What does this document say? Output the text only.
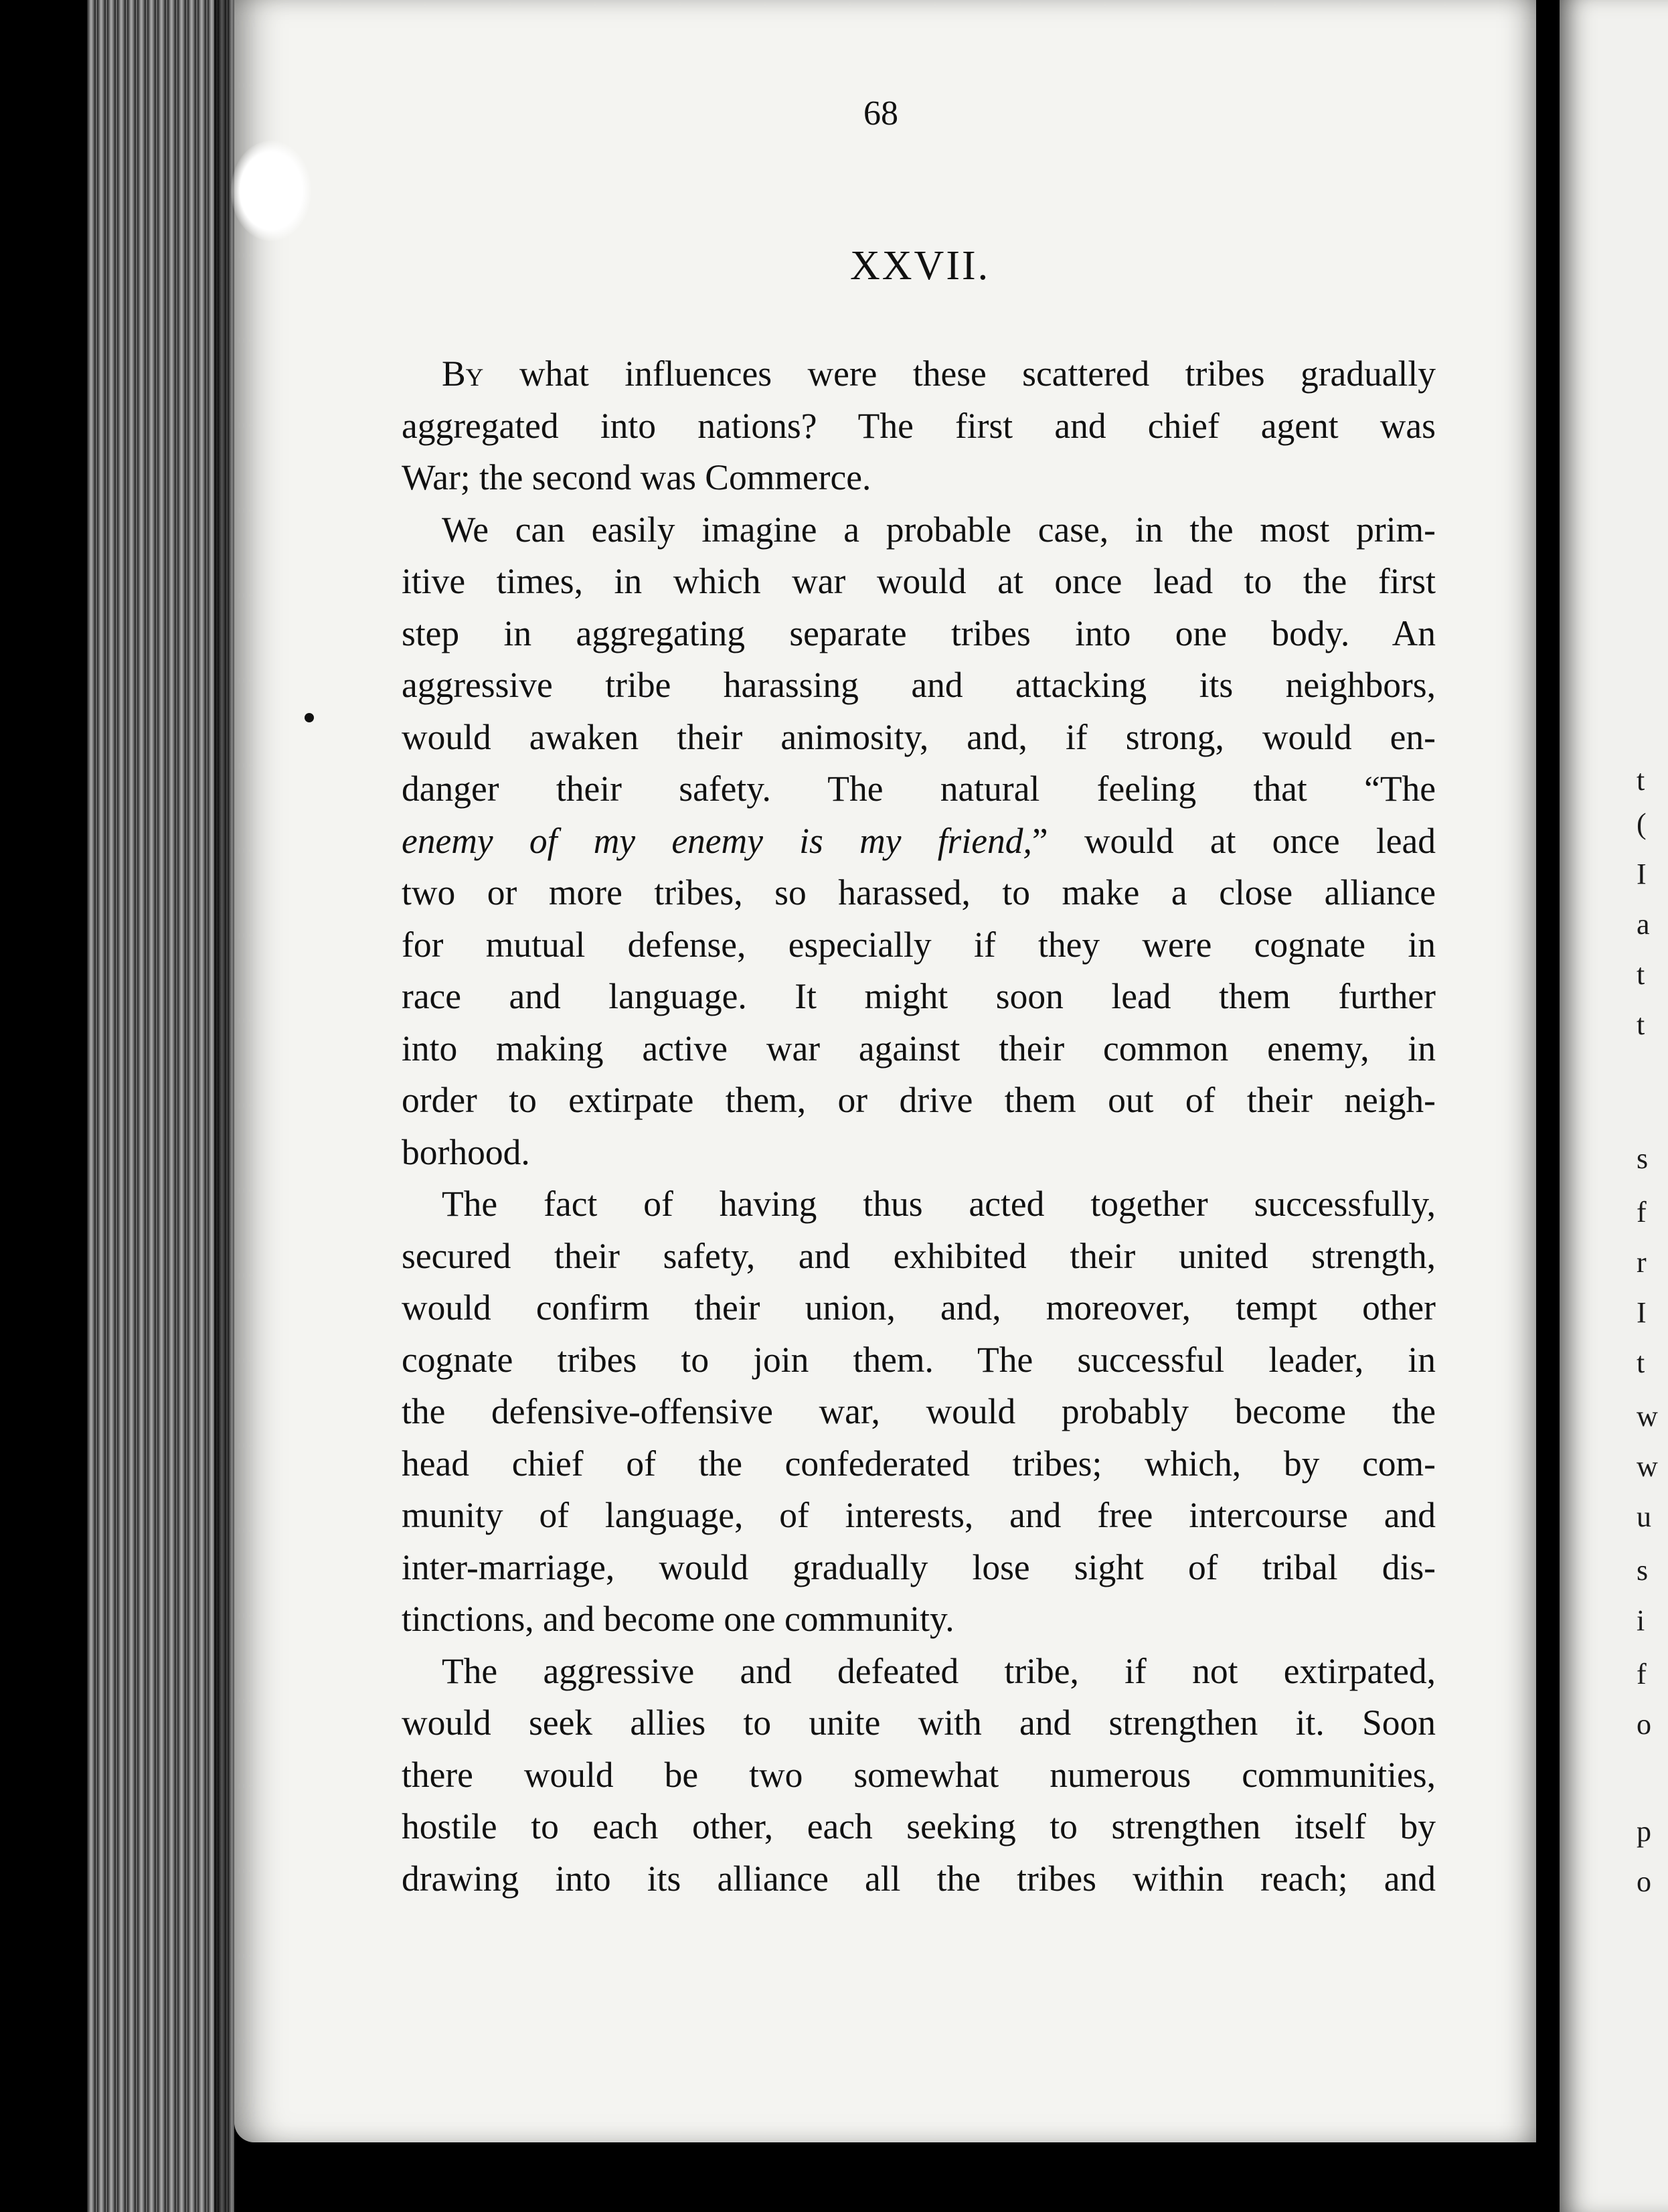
t
(
I
a
t
t
s
f
r
I
t
w
w
u
s
i
f
o
p
o
68
XXVII.
By what influences were these scattered tribes gradually
aggregated into nations? The first and chief agent was
War; the second was Commerce.
We can easily imagine a probable case, in the most prim-
itive times, in which war would at once lead to the first
step in aggregating separate tribes into one body. An
aggressive tribe harassing and attacking its neighbors,
would awaken their animosity, and, if strong, would en-
danger their safety. The natural feeling that “The
enemy of my enemy is my friend,” would at once lead
two or more tribes, so harassed, to make a close alliance
for mutual defense, especially if they were cognate in
race and language. It might soon lead them further
into making active war against their common enemy, in
order to extirpate them, or drive them out of their neigh-
borhood.
The fact of having thus acted together successfully,
secured their safety, and exhibited their united strength,
would confirm their union, and, moreover, tempt other
cognate tribes to join them. The successful leader, in
the defensive-offensive war, would probably become the
head chief of the confederated tribes; which, by com-
munity of language, of interests, and free intercourse and
inter-marriage, would gradually lose sight of tribal dis-
tinctions, and become one community.
The aggressive and defeated tribe, if not extirpated,
would seek allies to unite with and strengthen it. Soon
there would be two somewhat numerous communities,
hostile to each other, each seeking to strengthen itself by
drawing into its alliance all the tribes within reach; and
